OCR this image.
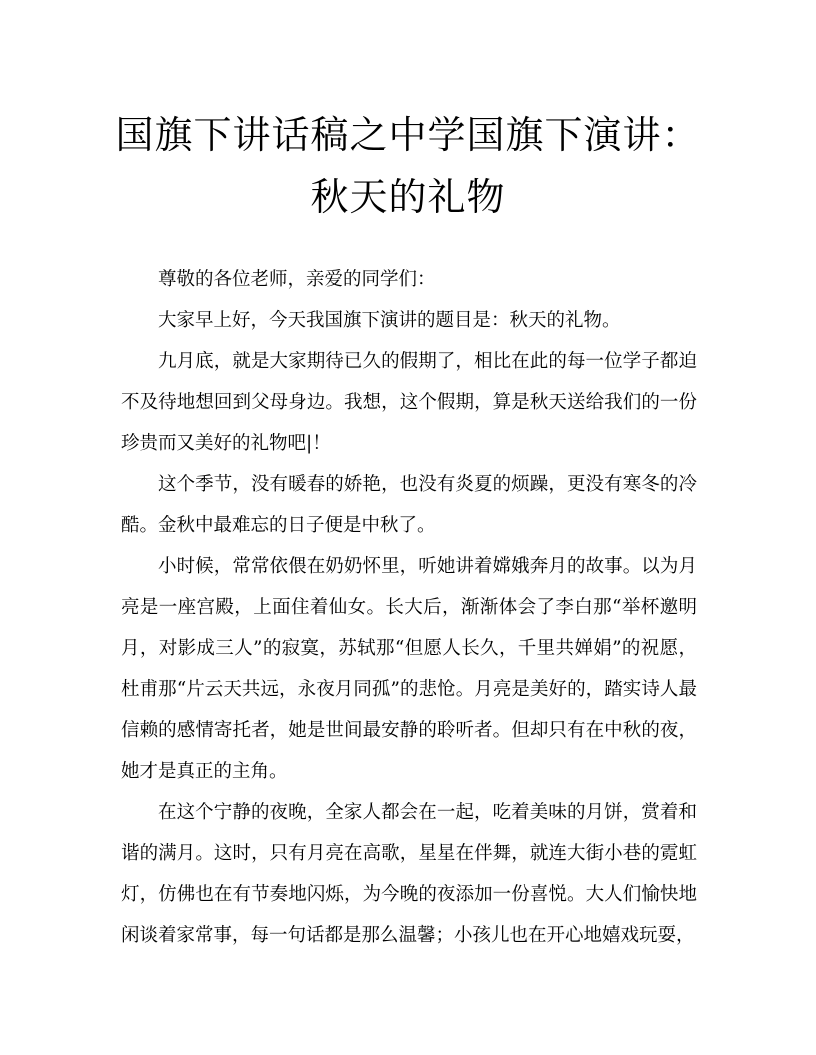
国旗下讲话稿之中学国旗下演讲：秋天的礼物

尊敬的各位老师，亲爱的同学们：

大家早上好，今天我国旗下演讲的题目是：秋天的礼物。

九月底，就是大家期待已久的假期了，相比在此的每一位学子都迫不及待地想回到父母身边。我想，这个假期，算是秋天送给我们的一份珍贵而又美好的礼物吧|！

这个季节，没有暖春的娇艳，也没有炎夏的烦躁，更没有寒冬的冷酷。金秋中最难忘的日子便是中秋了。

小时候，常常依偎在奶奶怀里，听她讲着嫦娥奔月的故事。以为月亮是一座宫殿，上面住着仙女。长大后，渐渐体会了李白那“举杯邀明月，对影成三人”的寂寞，苏轼那“但愿人长久，千里共婵娟”的祝愿，杜甫那“片云天共远，永夜月同孤”的悲怆。月亮是美好的，踏实诗人最信赖的感情寄托者，她是世间最安静的聆听者。但却只有在中秋的夜，她才是真正的主角。

在这个宁静的夜晚，全家人都会在一起，吃着美味的月饼，赏着和谐的满月。这时，只有月亮在高歌，星星在伴舞，就连大街小巷的霓虹灯，仿佛也在有节奏地闪烁，为今晚的夜添加一份喜悦。大人们愉快地闲谈着家常事，每一句话都是那么温馨；小孩儿也在开心地嬉戏玩耍，
